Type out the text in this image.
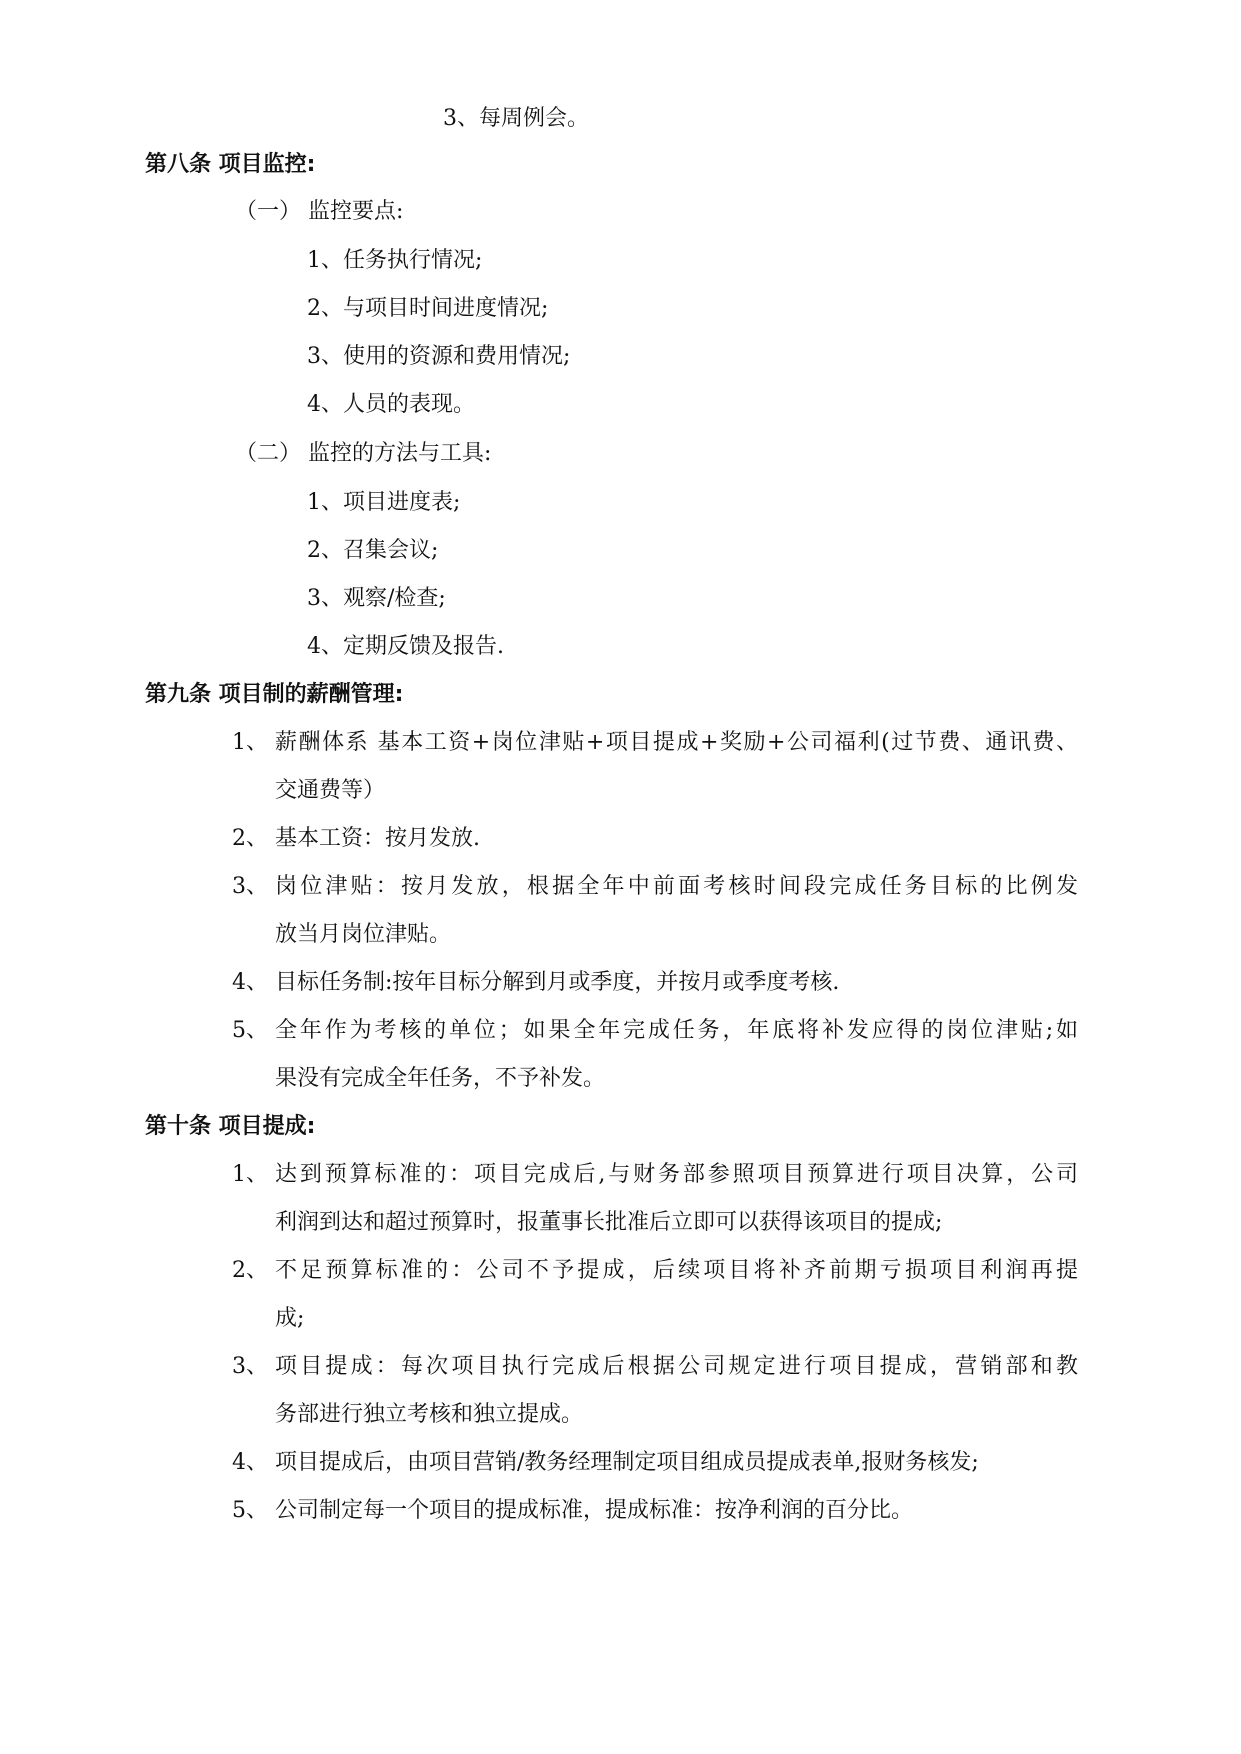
3、每周例会。
第八条 项目监控:
（一） 监控要点:
1、任务执行情况;
2、与项目时间进度情况;
3、使用的资源和费用情况;
4、人员的表现。
（二） 监控的方法与工具:
1、项目进度表;
2、召集会议;
3、观察/检查;
4、定期反馈及报告.
第九条 项目制的薪酬管理:
1、 薪酬体系 基本工资+岗位津贴+项目提成+奖励+公司福利(过节费、通讯费、
交通费等）
2、 基本工资：按月发放.
3、 岗位津贴：按月发放，根据全年中前面考核时间段完成任务目标的比例发
放当月岗位津贴。
4、 目标任务制:按年目标分解到月或季度，并按月或季度考核.
5、 全年作为考核的单位；如果全年完成任务，年底将补发应得的岗位津贴;如
果没有完成全年任务，不予补发。
第十条 项目提成:
1、 达到预算标准的：项目完成后,与财务部参照项目预算进行项目决算，公司
利润到达和超过预算时，报董事长批准后立即可以获得该项目的提成;
2、 不足预算标准的：公司不予提成，后续项目将补齐前期亏损项目利润再提
成;
3、 项目提成：每次项目执行完成后根据公司规定进行项目提成，营销部和教
务部进行独立考核和独立提成。
4、 项目提成后，由项目营销/教务经理制定项目组成员提成表单,报财务核发;
5、 公司制定每一个项目的提成标准，提成标准：按净利润的百分比。
